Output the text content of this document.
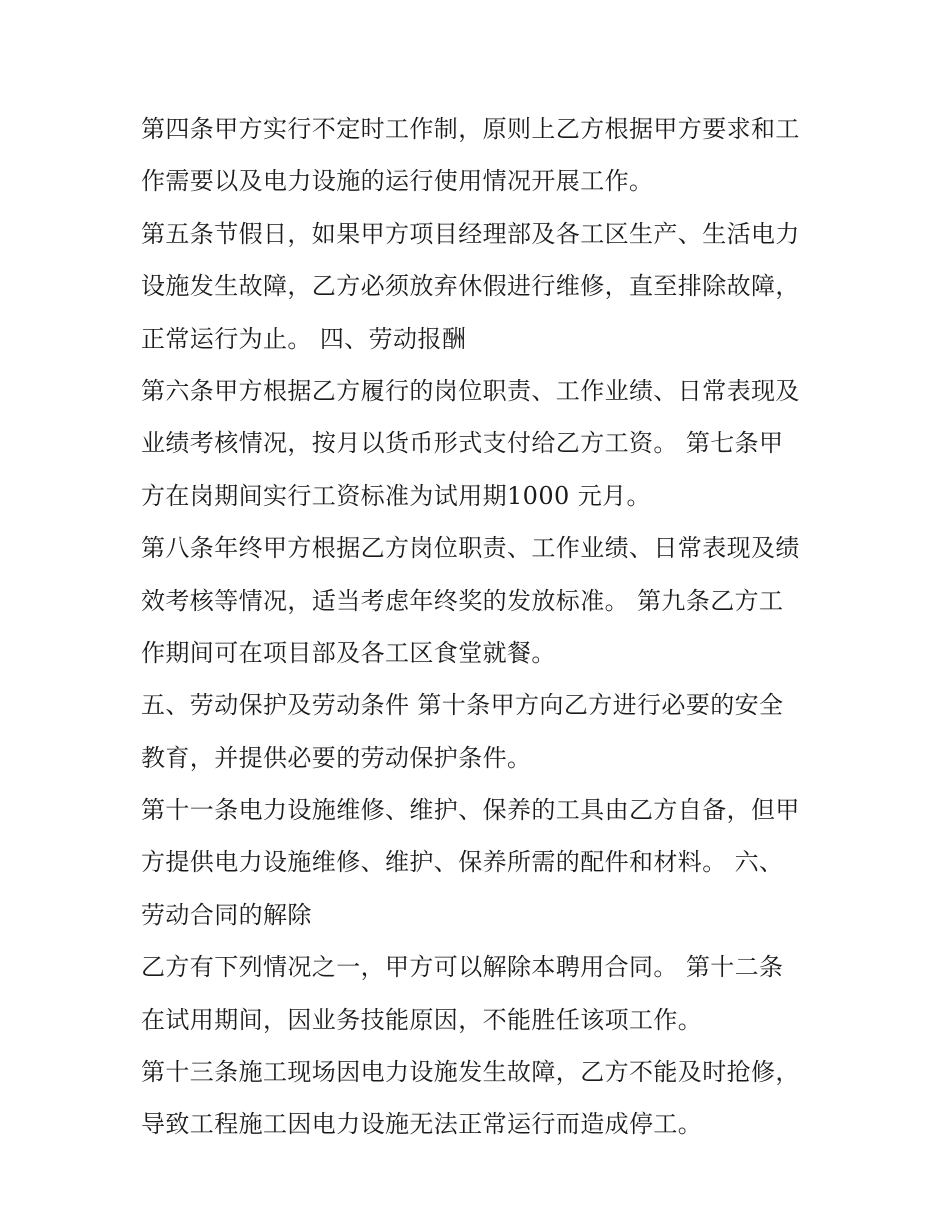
第四条甲方实行不定时工作制，原则上乙方根据甲方要求和工
作需要以及电力设施的运行使用情况开展工作。
第五条节假日，如果甲方项目经理部及各工区生产、生活电力
设施发生故障，乙方必须放弃休假进行维修，直至排除故障，
正常运行为止。 四、劳动报酬
第六条甲方根据乙方履行的岗位职责、工作业绩、日常表现及
业绩考核情况，按月以货币形式支付给乙方工资。 第七条甲
方在岗期间实行工资标准为试用期1000 元月。
第八条年终甲方根据乙方岗位职责、工作业绩、日常表现及绩
效考核等情况，适当考虑年终奖的发放标准。 第九条乙方工
作期间可在项目部及各工区食堂就餐。
五、劳动保护及劳动条件 第十条甲方向乙方进行必要的安全
教育，并提供必要的劳动保护条件。
第十一条电力设施维修、维护、保养的工具由乙方自备，但甲
方提供电力设施维修、维护、保养所需的配件和材料。 六、
劳动合同的解除
乙方有下列情况之一，甲方可以解除本聘用合同。 第十二条
在试用期间，因业务技能原因，不能胜任该项工作。
第十三条施工现场因电力设施发生故障，乙方不能及时抢修，
导致工程施工因电力设施无法正常运行而造成停工。
